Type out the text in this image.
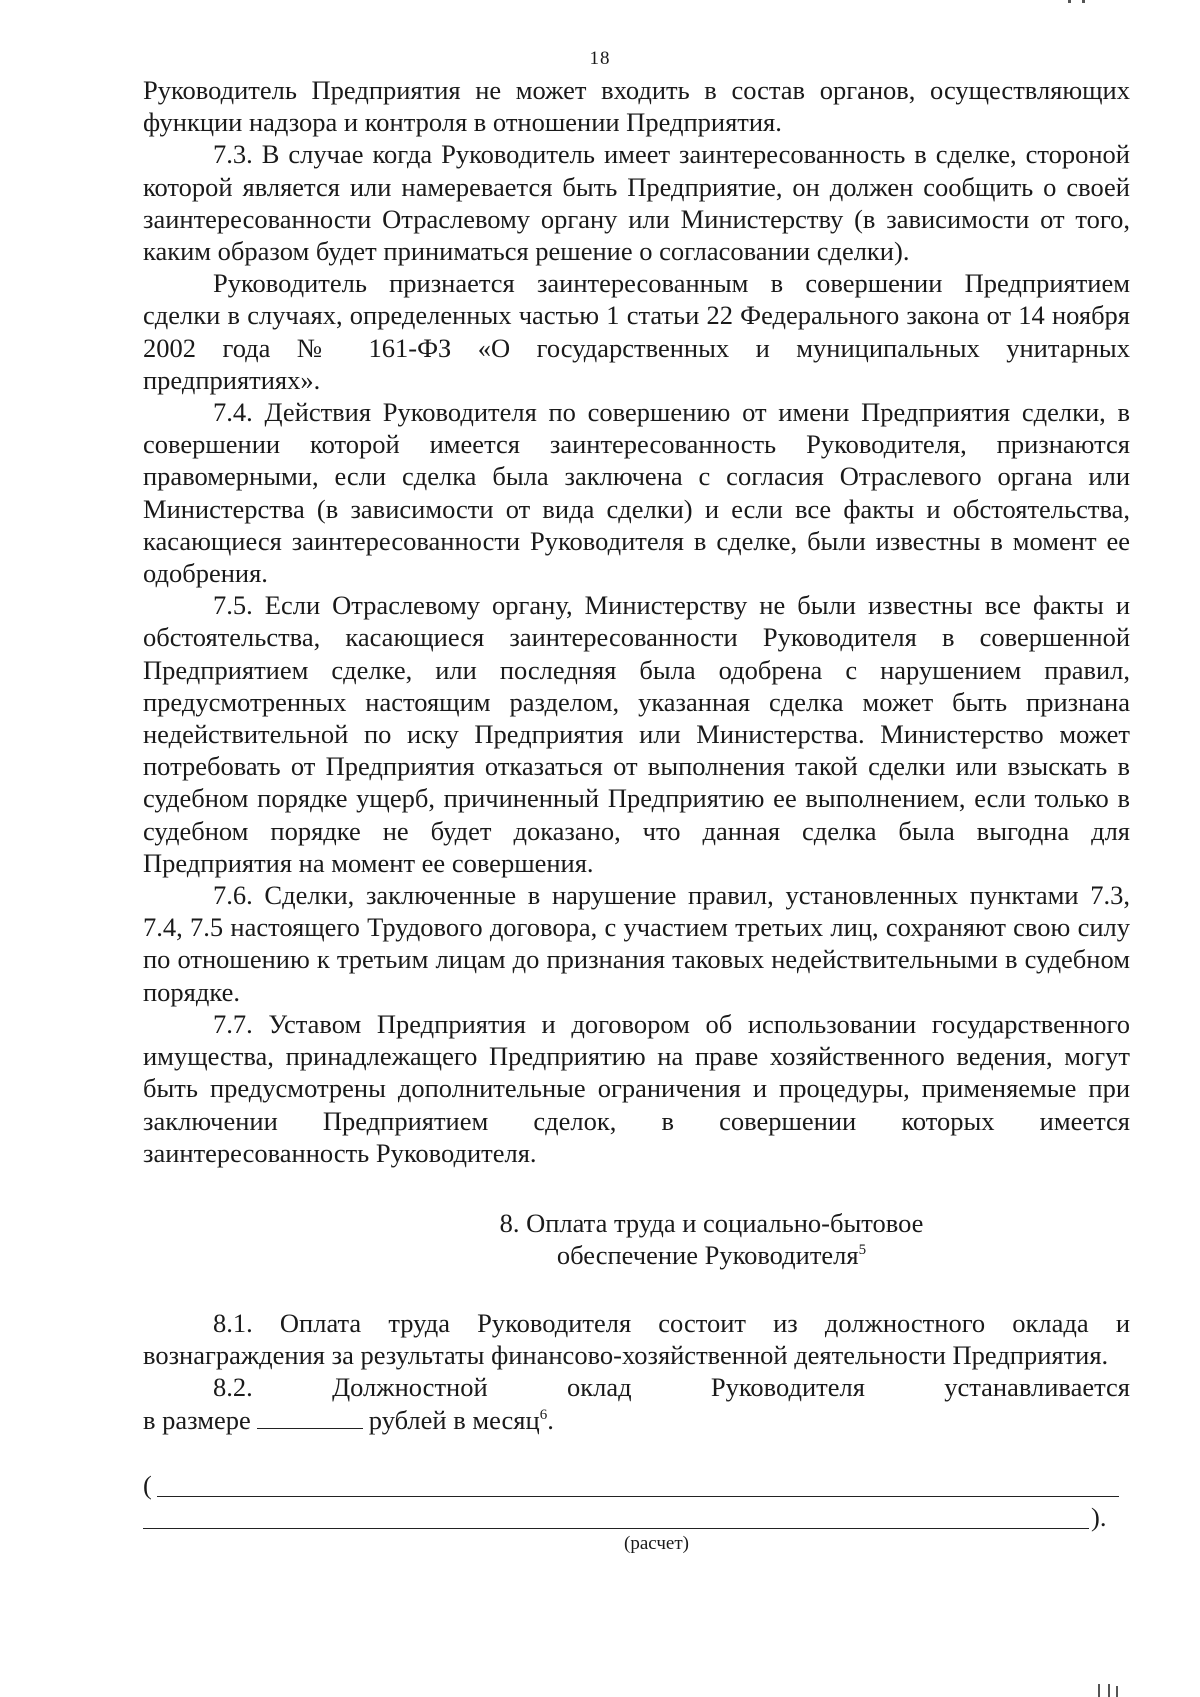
18

Руководитель Предприятия не может входить в состав органов, осуществляющих функции надзора и контроля в отношении Предприятия.

7.3. В случае когда Руководитель имеет заинтересованность в сделке, стороной которой является или намеревается быть Предприятие, он должен сообщить о своей заинтересованности Отраслевому органу или Министерству (в зависимости от того, каким образом будет приниматься решение о согласовании сделки).

Руководитель признается заинтересованным в совершении Предприятием сделки в случаях, определенных частью 1 статьи 22 Федерального закона от 14 ноября 2002 года № 161-ФЗ «О государственных и муниципальных унитарных предприятиях».

7.4. Действия Руководителя по совершению от имени Предприятия сделки, в совершении которой имеется заинтересованность Руководителя, признаются правомерными, если сделка была заключена с согласия Отраслевого органа или Министерства (в зависимости от вида сделки) и если все факты и обстоятельства, касающиеся заинтересованности Руководителя в сделке, были известны в момент ее одобрения.

7.5. Если Отраслевому органу, Министерству не были известны все факты и обстоятельства, касающиеся заинтересованности Руководителя в совершенной Предприятием сделке, или последняя была одобрена с нарушением правил, предусмотренных настоящим разделом, указанная сделка может быть признана недействительной по иску Предприятия или Министерства. Министерство может потребовать от Предприятия отказаться от выполнения такой сделки или взыскать в судебном порядке ущерб, причиненный Предприятию ее выполнением, если только в судебном порядке не будет доказано, что данная сделка была выгодна для Предприятия на момент ее совершения.

7.6. Сделки, заключенные в нарушение правил, установленных пунктами 7.3, 7.4, 7.5 настоящего Трудового договора, с участием третьих лиц, сохраняют свою силу по отношению к третьим лицам до признания таковых недействительными в судебном порядке.

7.7. Уставом Предприятия и договором об использовании государственного имущества, принадлежащего Предприятию на праве хозяйственного ведения, могут быть предусмотрены дополнительные ограничения и процедуры, применяемые при заключении Предприятием сделок, в совершении которых имеется заинтересованность Руководителя.

8. Оплата труда и социально-бытовое
обеспечение Руководителя$^5$

8.1. Оплата труда Руководителя состоит из должностного оклада и вознаграждения за результаты финансово-хозяйственной деятельности Предприятия.

8.2.	Должностной	оклад	Руководителя	устанавливается
в размере	рублей в месяц$^6$.
(
).
(расчет)
